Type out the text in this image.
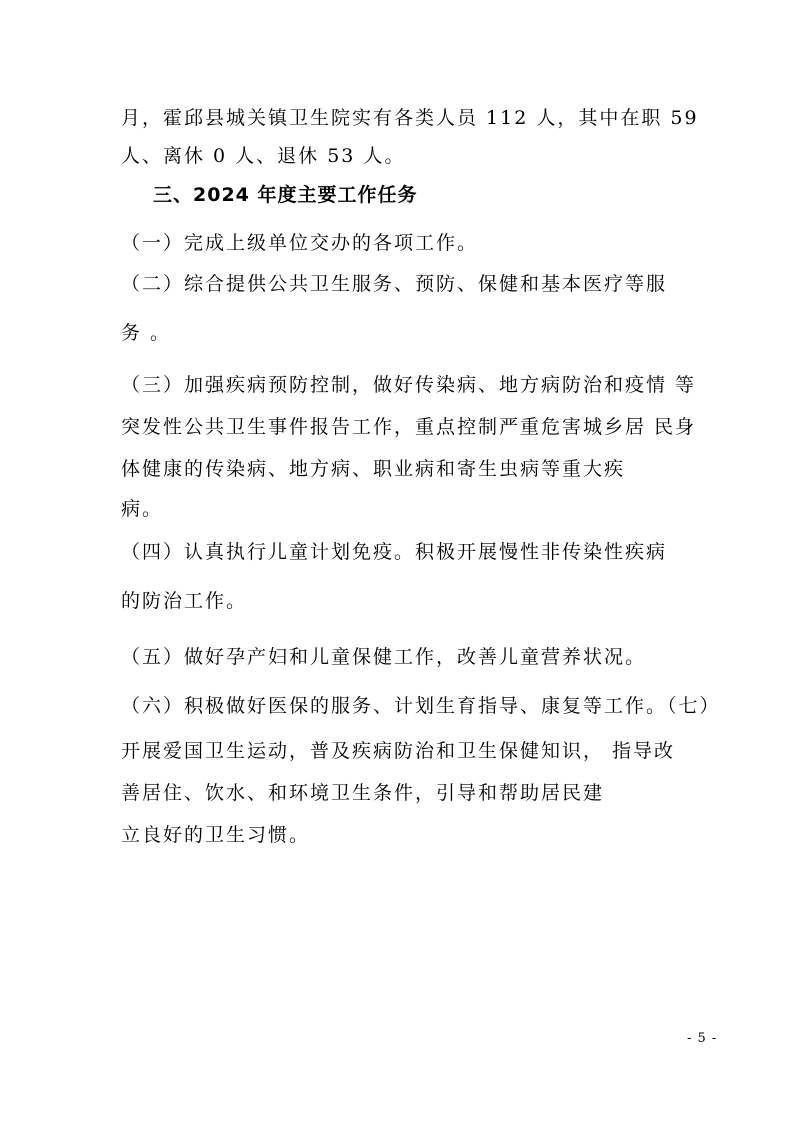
月，霍邱县城关镇卫生院实有各类人员 112 人，其中在职 59

人、离休 0 人、退休 53 人。

三、2024 年度主要工作任务

（一）完成上级单位交办的各项工作。

（二）综合提供公共卫生服务、预防、保健和基本医疗等服

务 。

（三）加强疾病预防控制，做好传染病、地方病防治和疫情 等

突发性公共卫生事件报告工作，重点控制严重危害城乡居 民身

体健康的传染病、地方病、职业病和寄生虫病等重大疾

病。

（四）认真执行儿童计划免疫。积极开展慢性非传染性疾病

的防治工作。

（五）做好孕产妇和儿童保健工作，改善儿童营养状况。

（六）积极做好医保的服务、计划生育指导、康复等工作。（七）

开展爱国卫生运动，普及疾病防治和卫生保健知识， 指导改

善居住、饮水、和环境卫生条件，引导和帮助居民建

立良好的卫生习惯。

- 5 -
